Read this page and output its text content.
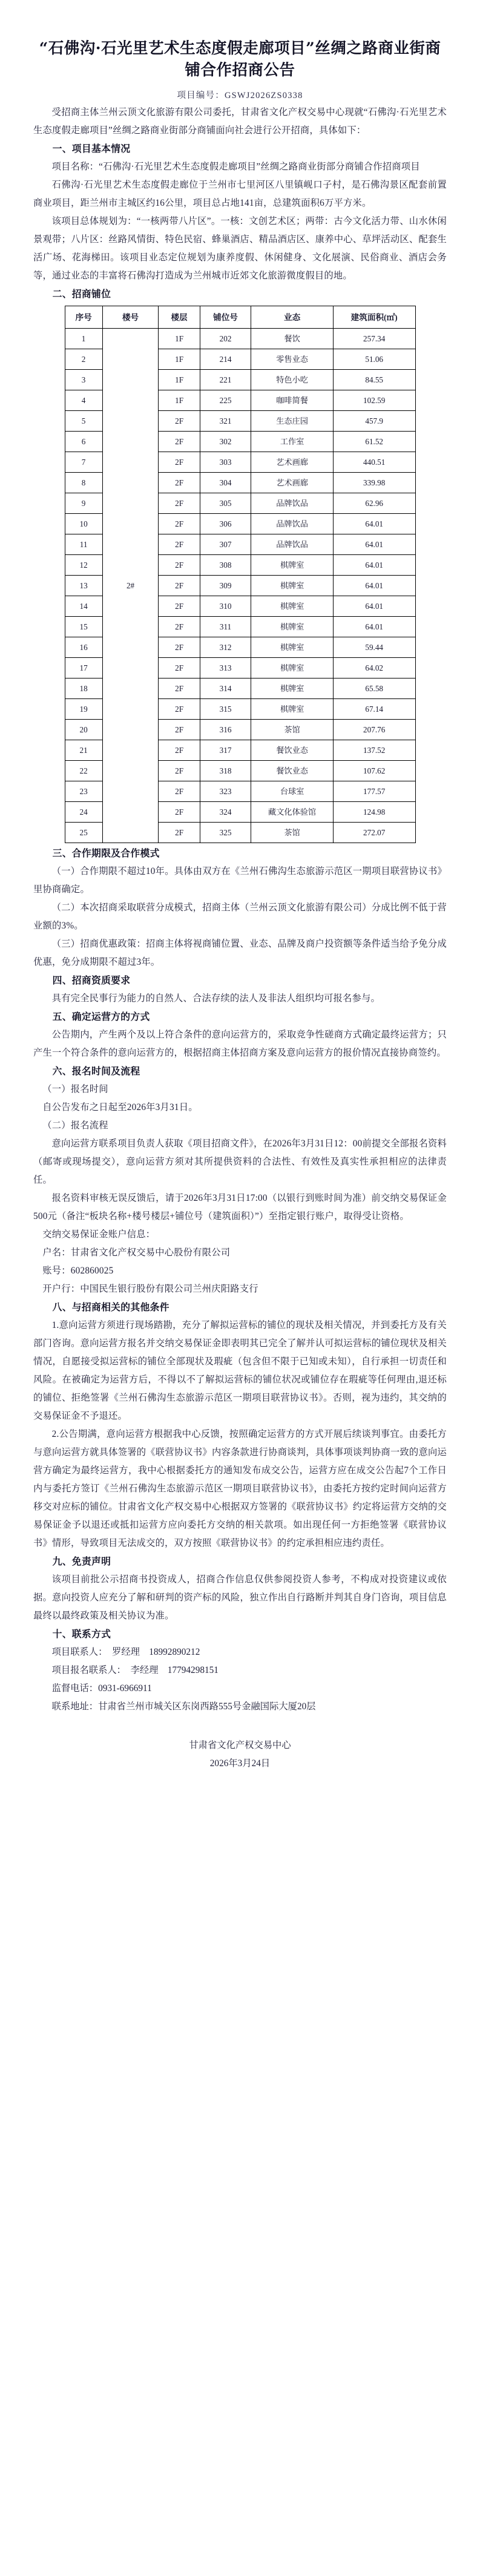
“石佛沟·石光里艺术生态度假走廊项目”丝绸之路商业街商铺合作招商公告

项目编号：GSWJ2026ZS0338

受招商主体兰州云顶文化旅游有限公司委托，甘肃省文化产权交易中心现就“石佛沟·石光里艺术生态度假走廊项目”丝绸之路商业街部分商铺面向社会进行公开招商，具体如下：

一、项目基本情况

项目名称：“石佛沟·石光里艺术生态度假走廊项目”丝绸之路商业街部分商铺合作招商项目

石佛沟·石光里艺术生态度假走廊位于兰州市七里河区八里镇岘口子村，是石佛沟景区配套前置商业项目，距兰州市主城区约16公里，项目总占地141亩，总建筑面积6万平方米。

该项目总体规划为：“一核两带八片区”。一核：文创艺术区；两带：古今文化活力带、山水休闲景观带；八片区：丝路风情街、特色民宿、蜂巢酒店、精品酒店区、康养中心、草坪活动区、配套生活广场、花海梯田。该项目业态定位规划为康养度假、休闲健身、文化展演、民俗商业、酒店会务等，通过业态的丰富将石佛沟打造成为兰州城市近郊文化旅游微度假目的地。

二、招商铺位
序号	楼号	楼层	铺位号	业态	建筑面积(㎡)
1	2#	1F	202	餐饮	257.34
2		1F	214	零售业态	51.06
3		1F	221	特色小吃	84.55
4		1F	225	咖啡简餐	102.59
5		2F	321	生态庄园	457.9
6		2F	302	工作室	61.52
7		2F	303	艺术画廊	440.51
8		2F	304	艺术画廊	339.98
9		2F	305	品牌饮品	62.96
10		2F	306	品牌饮品	64.01
11		2F	307	品牌饮品	64.01
12		2F	308	棋牌室	64.01
13		2F	309	棋牌室	64.01
14		2F	310	棋牌室	64.01
15		2F	311	棋牌室	64.01
16		2F	312	棋牌室	59.44
17		2F	313	棋牌室	64.02
18		2F	314	棋牌室	65.58
19		2F	315	棋牌室	67.14
20		2F	316	茶馆	207.76
21		2F	317	餐饮业态	137.52
22		2F	318	餐饮业态	107.62
23		2F	323	台球室	177.57
24		2F	324	藏文化体验馆	124.98
25		2F	325	茶馆	272.07
三、合作期限及合作模式

（一）合作期限不超过10年。具体由双方在《兰州石佛沟生态旅游示范区一期项目联营协议书》里协商确定。

（二）本次招商采取联营分成模式，招商主体（兰州云顶文化旅游有限公司）分成比例不低于营业额的3%。

（三）招商优惠政策：招商主体将视商铺位置、业态、品牌及商户投资额等条件适当给予免分成优惠，免分成期限不超过3年。

四、招商资质要求

具有完全民事行为能力的自然人、合法存续的法人及非法人组织均可报名参与。

五、确定运营方的方式

公告期内，产生两个及以上符合条件的意向运营方的，采取竞争性磋商方式确定最终运营方；只产生一个符合条件的意向运营方的，根据招商主体招商方案及意向运营方的报价情况直接协商签约。

六、报名时间及流程

（一）报名时间

自公告发布之日起至2026年3月31日。

（二）报名流程

意向运营方联系项目负责人获取《项目招商文件》，在2026年3月31日12：00前提交全部报名资料（邮寄或现场提交），意向运营方须对其所提供资料的合法性、有效性及真实性承担相应的法律责任。

报名资料审核无误反馈后，请于2026年3月31日17:00（以银行到账时间为准）前交纳交易保证金500元（备注“板块名称+楼号楼层+铺位号（建筑面积）”）至指定银行账户，取得受让资格。

交纳交易保证金账户信息：

户名：甘肃省文化产权交易中心股份有限公司

账号：602860025

开户行：中国民生银行股份有限公司兰州庆阳路支行

八、与招商相关的其他条件

1.意向运营方须进行现场踏勘，充分了解拟运营标的铺位的现状及相关情况，并到委托方及有关部门咨询。意向运营方报名并交纳交易保证金即表明其已完全了解并认可拟运营标的铺位现状及相关情况，自愿接受拟运营标的铺位全部现状及瑕疵（包含但不限于已知或未知），自行承担一切责任和风险。在被确定为运营方后，不得以不了解拟运营标的铺位状况或铺位存在瑕疵等任何理由,退还标的铺位、拒绝签署《兰州石佛沟生态旅游示范区一期项目联营协议书》。否则，视为违约，其交纳的交易保证金不予退还。

2.公告期满，意向运营方根据我中心反馈，按照确定运营方的方式开展后续谈判事宜。由委托方与意向运营方就具体签署的《联营协议书》内容条款进行协商谈判，具体事项谈判协商一致的意向运营方确定为最终运营方，我中心根据委托方的通知发布成交公告，运营方应在成交公告起7个工作日内与委托方签订《兰州石佛沟生态旅游示范区一期项目联营协议书》，由委托方按约定时间向运营方移交对应标的铺位。甘肃省文化产权交易中心根据双方签署的《联营协议书》约定将运营方交纳的交易保证金予以退还或抵扣运营方应向委托方交纳的相关款项。如出现任何一方拒绝签署《联营协议书》情形，导致项目无法成交的，双方按照《联营协议书》的约定承担相应违约责任。

九、免责声明

该项目前批公示招商书投资成人，招商合作信息仅供参阅投资人参考，不构成对投资建议或依据。意向投资人应充分了解和研判的资产标的风险，独立作出自行路断并判其自身门咨询，项目信息最终以最终政策及相关协议为准。

十、联系方式

项目联系人：　罗经理　18992890212

项目报名联系人：　李经理　17794298151

监督电话：0931-6966911

联系地址：甘肃省兰州市城关区东岗西路555号金融国际大厦20层

甘肃省文化产权交易中心

2026年3月24日
